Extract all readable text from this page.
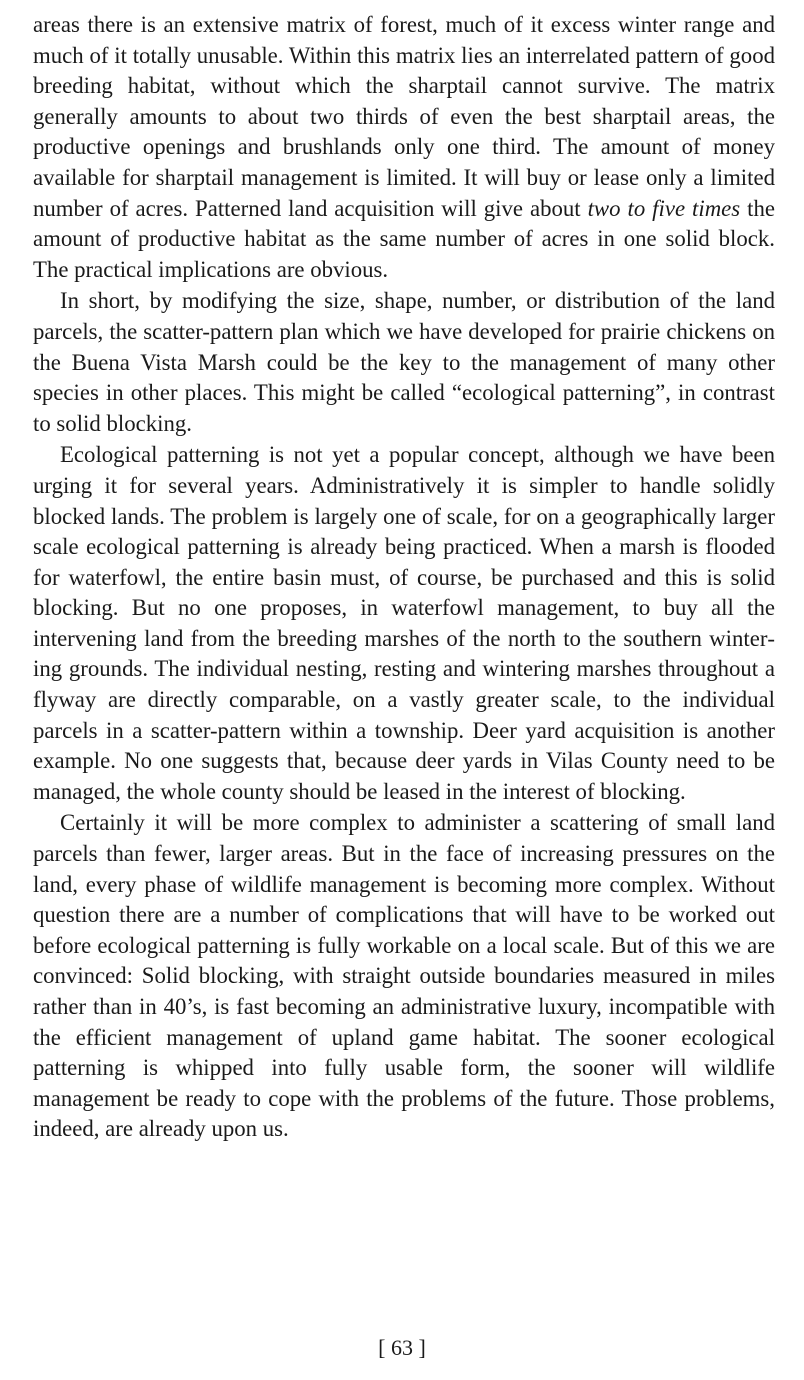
areas there is an extensive matrix of forest, much of it excess winter range and much of it totally unusable. Within this matrix lies an interrelated pattern of good breeding habitat, without which the sharptail cannot survive. The matrix generally amounts to about two thirds of even the best sharptail areas, the productive openings and brushlands only one third. The amount of money available for sharptail management is limited. It will buy or lease only a limited number of acres. Patterned land acquisition will give about two to five times the amount of productive habitat as the same number of acres in one solid block. The practical implications are obvious.

In short, by modifying the size, shape, number, or distribution of the land parcels, the scatter-pattern plan which we have developed for prairie chickens on the Buena Vista Marsh could be the key to the management of many other species in other places. This might be called “ecological patterning”, in contrast to solid blocking.

Ecological patterning is not yet a popular concept, although we have been urging it for several years. Administratively it is simpler to handle solidly blocked lands. The problem is largely one of scale, for on a geographically larger scale ecological patterning is already being practiced. When a marsh is flooded for waterfowl, the entire basin must, of course, be purchased and this is solid blocking. But no one proposes, in waterfowl management, to buy all the intervening land from the breeding marshes of the north to the southern wintering grounds. The individual nesting, resting and wintering marshes throughout a flyway are directly comparable, on a vastly greater scale, to the individual parcels in a scatter-pattern within a township. Deer yard acquisition is another example. No one suggests that, because deer yards in Vilas County need to be managed, the whole county should be leased in the interest of blocking.

Certainly it will be more complex to administer a scattering of small land parcels than fewer, larger areas. But in the face of increasing pressures on the land, every phase of wildlife management is becoming more complex. Without question there are a number of complications that will have to be worked out before ecological patterning is fully workable on a local scale. But of this we are convinced: Solid blocking, with straight outside boundaries measured in miles rather than in 40’s, is fast becoming an administrative luxury, incompatible with the efficient management of upland game habitat. The sooner ecological patterning is whipped into fully usable form, the sooner will wildlife management be ready to cope with the problems of the future. Those problems, indeed, are already upon us.

[ 63 ]
